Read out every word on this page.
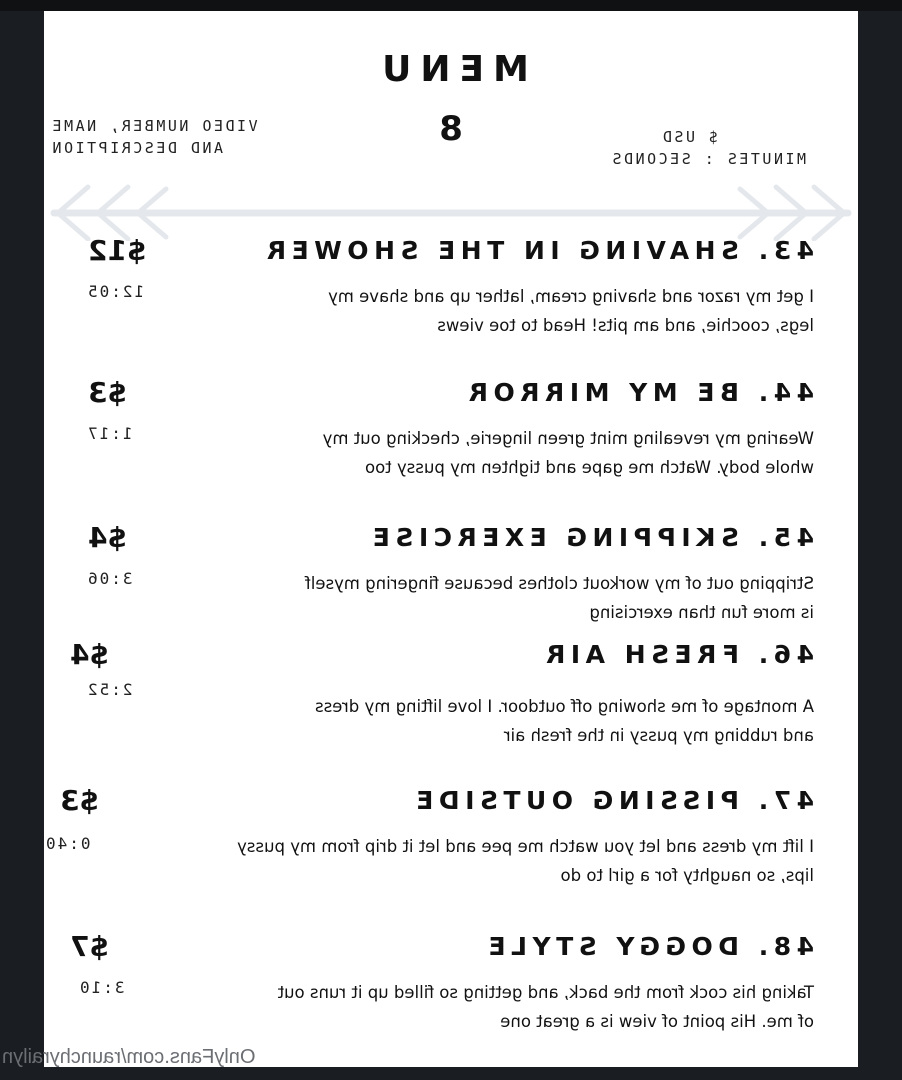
MENU
8
VIDEO NUMBER, NAME
AND DESCRIPTION
$ USD
MINUTES : SECONDS
43. SHAVING IN THE SHOWER
$12
12:05	I get my razor and shaving cream, lather up and shave my legs, coochie, and am pits! Head to toe views
44. BE MY MIRROR
$3
1:17	Wearing my revealing mint green lingerie, checking out my whole body. Watch me gape and tighten my pussy too
45. SKIPPING EXERCISE
$4
3:06	Stripping out of my workout clothes because fingering myself is more fun than exercising
46. FRESH AIR
$4
2:52
A montage of me showing off outdoor. I love lifting my dress and rubbing my pussy in the fresh air
47. PISSING OUTSIDE
$3
0:40	I lift my dress and let you watch me pee and let it drip from my pussy lips, so naughty for a girl to do
48. DOGGY STYLE
$7
3:10	Taking his cock from the back, and getting so filled up it runs out of me. His point of view is a great one
OnlyFans.com/raunchyrailyn
